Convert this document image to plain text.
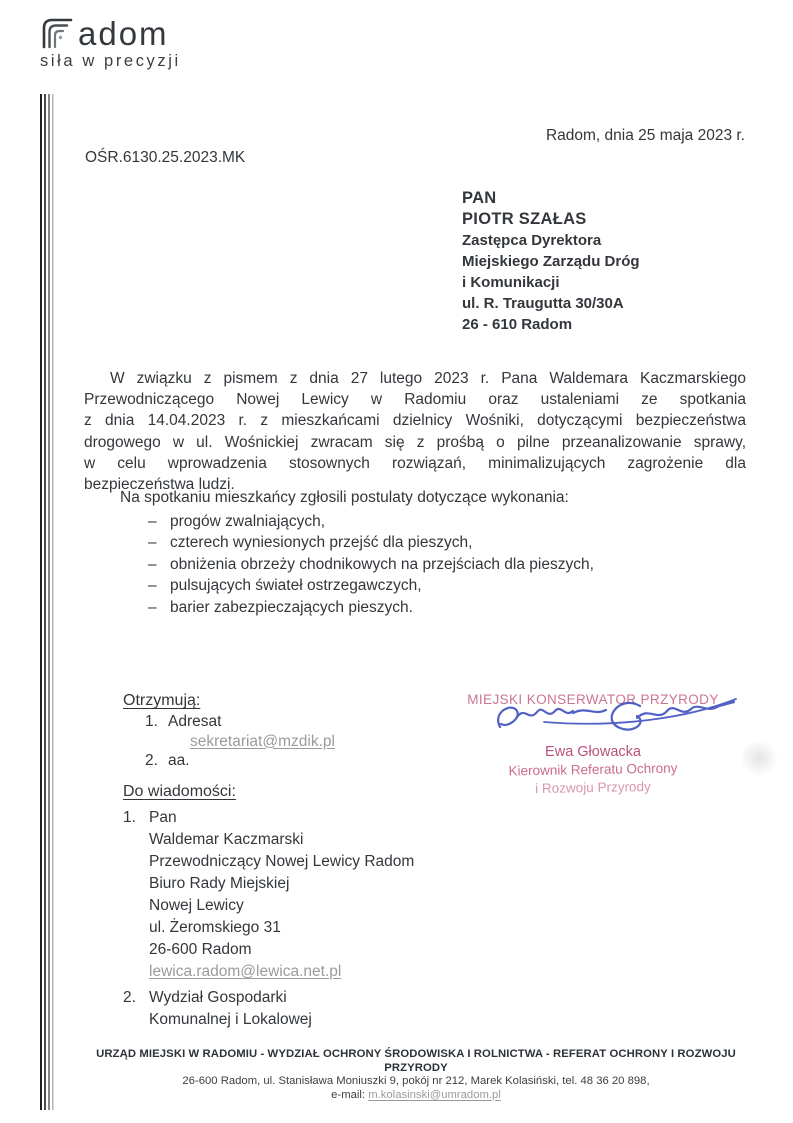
adom
siła w precyzji
Radom, dnia 25 maja 2023 r.
OŚR.6130.25.2023.MK
PAN
PIOTR SZAŁAS
Zastępca Dyrektora
Miejskiego Zarządu Dróg
i Komunikacji
ul. R. Traugutta 30/30A
26 - 610 Radom
W związku z pismem z dnia 27 lutego 2023 r. Pana Waldemara Kaczmarskiego
Przewodniczącego Nowej Lewicy w Radomiu oraz ustaleniami ze spotkania
z dnia 14.04.2023 r. z mieszkańcami dzielnicy Wośniki, dotyczącymi bezpieczeństwa
drogowego w ul. Wośnickiej zwracam się z prośbą o pilne przeanalizowanie sprawy,
w celu wprowadzenia stosownych rozwiązań, minimalizujących zagrożenie dla
bezpieczeństwa ludzi.
Na spotkaniu mieszkańcy zgłosili postulaty dotyczące wykonania:
– progów zwalniających,
– czterech wyniesionych przejść dla pieszych,
– obniżenia obrzeży chodnikowych na przejściach dla pieszych,
– pulsujących świateł ostrzegawczych,
– barier zabezpieczających pieszych.
Otrzymują:
1. Adresat
sekretariat@mzdik.pl
2. aa.
MIEJSKI KONSERWATOR PRZYRODY
Ewa Głowacka
Kierownik Referatu Ochrony
i Rozwoju Przyrody
Do wiadomości:
1. Pan
Waldemar Kaczmarski
Przewodniczący Nowej Lewicy Radom
Biuro Rady Miejskiej
Nowej Lewicy
ul. Żeromskiego 31
26-600 Radom
lewica.radom@lewica.net.pl
2. Wydział Gospodarki
Komunalnej i Lokalowej
URZĄD MIEJSKI W RADOMIU - WYDZIAŁ OCHRONY ŚRODOWISKA I ROLNICTWA - REFERAT OCHRONY I ROZWOJU
PRZYRODY
26-600 Radom, ul. Stanisława Moniuszki 9, pokój nr 212, Marek Kolasiński, tel. 48 36 20 898,
e-mail: m.kolasinski@umradom.pl
